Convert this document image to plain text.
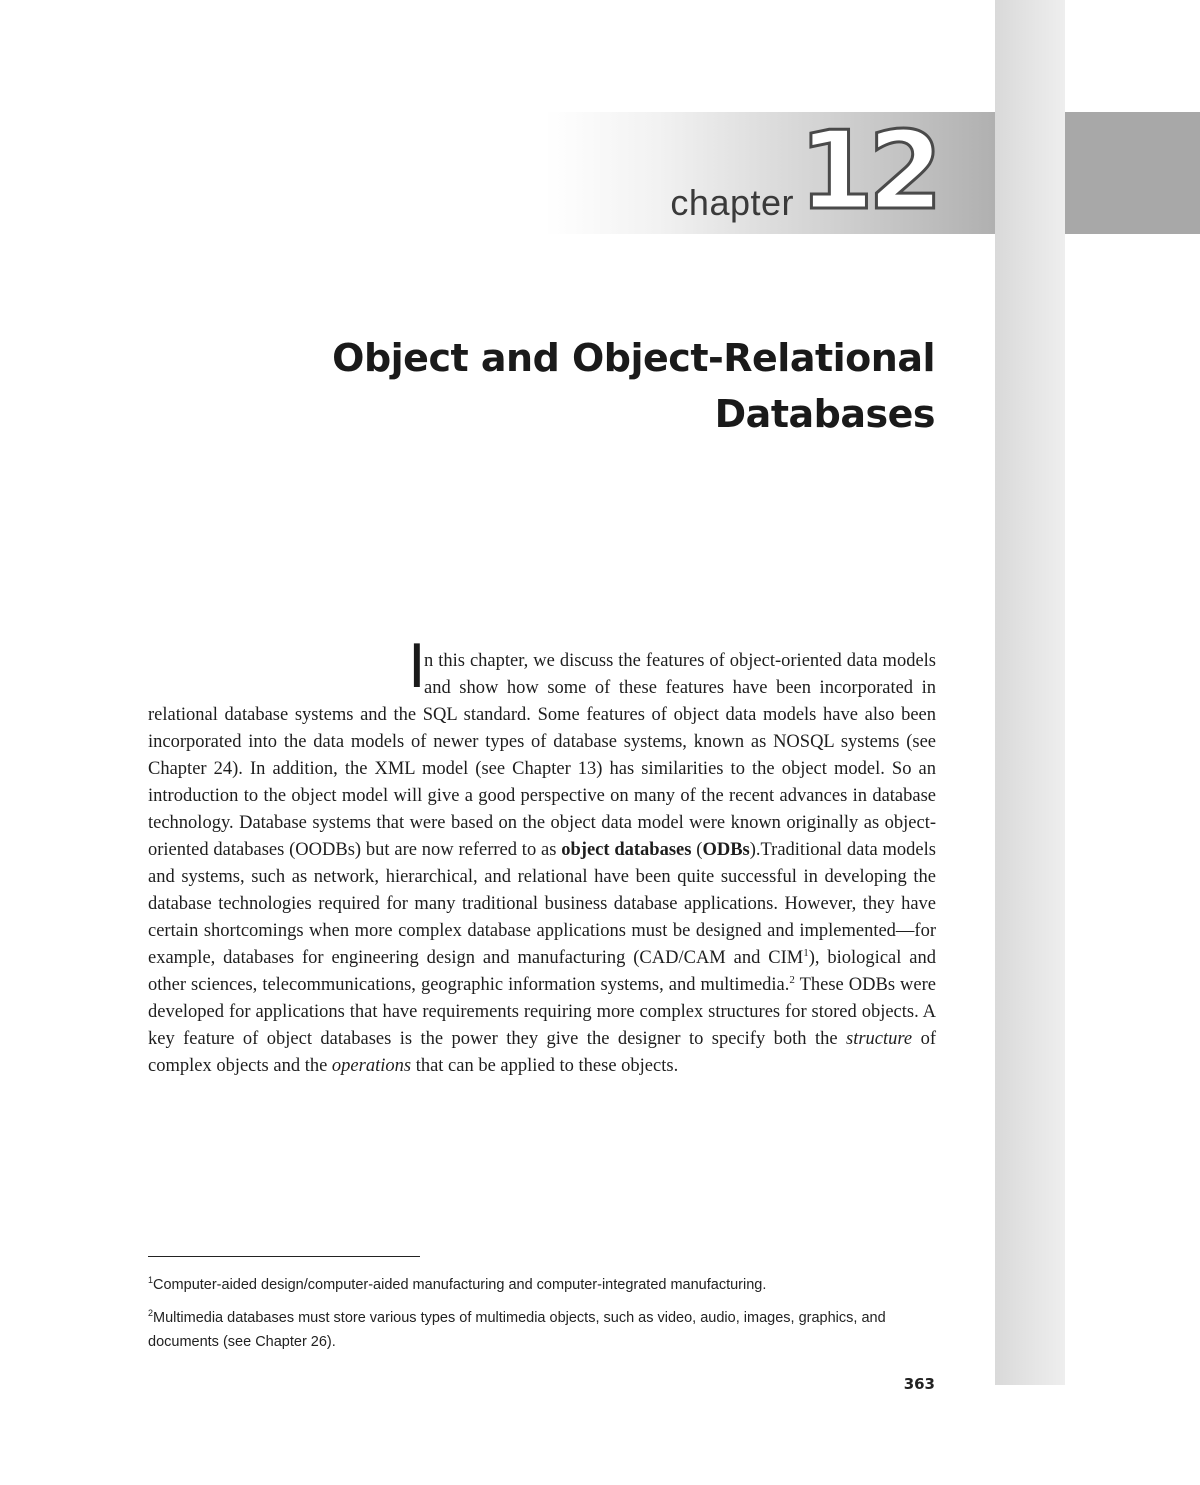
chapter 12
Object and Object-Relational
Databases
I
n this chapter, we discuss the features of object-oriented data models and show how some of these features have been incorporated in relational database systems and the SQL standard. Some features of object data models have also been incorporated into the data models of newer types of database systems, known as NOSQL systems (see Chapter 24). In addition, the XML model (see Chapter 13) has similarities to the object model. So an introduction to the object model will give a good perspective on many of the recent advances in database technology. Database systems that were based on the object data model were known originally as object-oriented databases (OODBs) but are now referred to as object databases (ODBs).Traditional data models and systems, such as network, hierarchical, and relational have been quite successful in developing the database technologies required for many traditional business database applications. However, they have certain shortcomings when more complex database applications must be designed and implemented—for example, databases for engineering design and manufacturing (CAD/CAM and CIM$^1$), biological and other sciences, telecommunications, geographic information systems, and multimedia.$^2$ These ODBs were developed for applications that have requirements requiring more complex structures for stored objects. A key feature of object databases is the power they give the designer to specify both the structure of complex objects and the operations that can be applied to these objects.

$^1$Computer-aided design/computer-aided manufacturing and computer-integrated manufacturing.

$^2$Multimedia databases must store various types of multimedia objects, such as video, audio, images, graphics, and documents (see Chapter 26).

363
